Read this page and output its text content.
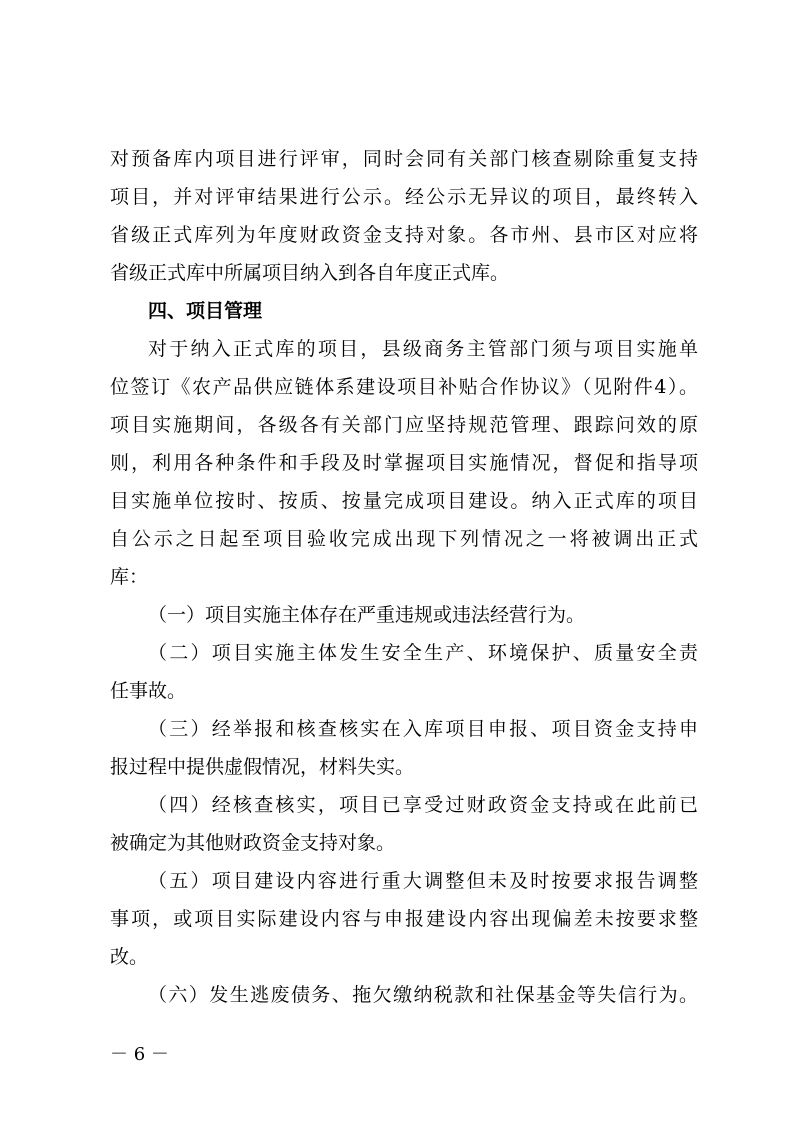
对预备库内项目进行评审，同时会同有关部门核查剔除重复支持
项目，并对评审结果进行公示。经公示无异议的项目，最终转入
省级正式库列为年度财政资金支持对象。各市州、县市区对应将
省级正式库中所属项目纳入到各自年度正式库。
四、项目管理
对于纳入正式库的项目，县级商务主管部门须与项目实施单
位签订《农产品供应链体系建设项目补贴合作协议》（见附件4）。
项目实施期间，各级各有关部门应坚持规范管理、跟踪问效的原
则，利用各种条件和手段及时掌握项目实施情况，督促和指导项
目实施单位按时、按质、按量完成项目建设。纳入正式库的项目
自公示之日起至项目验收完成出现下列情况之一将被调出正式
库：
（一）项目实施主体存在严重违规或违法经营行为。
（二）项目实施主体发生安全生产、环境保护、质量安全责
任事故。
（三）经举报和核查核实在入库项目申报、项目资金支持申
报过程中提供虚假情况，材料失实。
（四）经核查核实，项目已享受过财政资金支持或在此前已
被确定为其他财政资金支持对象。
（五）项目建设内容进行重大调整但未及时按要求报告调整
事项，或项目实际建设内容与申报建设内容出现偏差未按要求整
改。
（六）发生逃废债务、拖欠缴纳税款和社保基金等失信行为。
－ 6 －
